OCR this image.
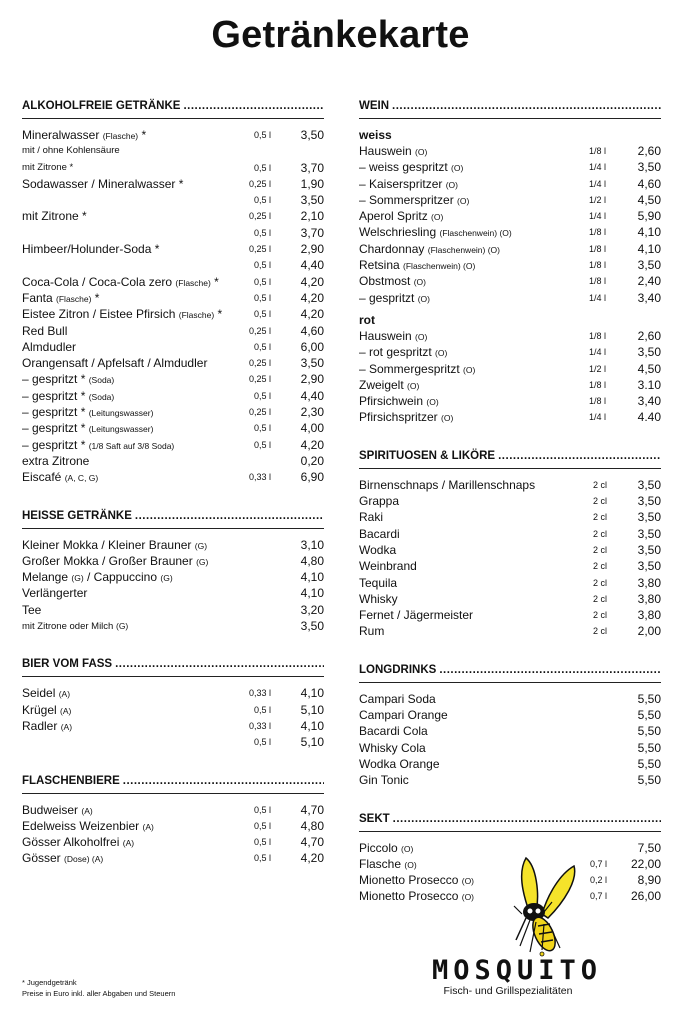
Getränkekarte
ALKOHOLFREIE GETRÄNKE .....
Mineralwasser (Flasche) *	0,5 l 3,50
mit / ohne Kohlensäure
mit Zitrone *	0,5 l 3,70
Sodawasser / Mineralwasser *	0,25 l 1,90
0,5 l 3,50
mit Zitrone *	0,25 l 2,10
0,5 l 3,70
Himbeer/Holunder-Soda *	0,25 l 2,90
0,5 l 4,40
Coca-Cola / Coca-Cola zero (Flasche) *	0,5 l 4,20
Fanta (Flasche) *	0,5 l 4,20
Eistee Zitron / Eistee Pfirsich (Flasche) *	0,5 l 4,20
Red Bull	0,25 l 4,60
Almdudler	0,5 l 6,00
Orangensaft / Apfelsaft / Almdudler	0,25 l 3,50
– gespritzt * (Soda)	0,25 l 2,90
– gespritzt * (Soda)	0,5 l 4,40
– gespritzt * (Leitungswasser)	0,25 l 2,30
– gespritzt * (Leitungswasser)	0,5 l 4,00
– gespritzt * (1/8 Saft auf 3/8 Soda)	0,5 l 4,20
extra Zitrone	0,20
Eiscafé (A, C, G)	0,33 l 6,90
HEISSE GETRÄNKE .....
Kleiner Mokka / Kleiner Brauner (G)	3,10
Großer Mokka / Großer Brauner (G)	4,80
Melange (G) / Cappuccino (G)	4,10
Verlängerter	4,10
Tee	3,20
mit Zitrone oder Milch (G)	3,50
BIER VOM FASS .....
Seidel (A)	0,33 l 4,10
Krügel (A)	0,5 l 5,10
Radler (A)	0,33 l 4,10
0,5 l 5,10
FLASCHENBIERE .....
Budweiser (A)	0,5 l 4,70
Edelweiss Weizenbier (A)	0,5 l 4,80
Gösser Alkoholfrei (A)	0,5 l 4,70
Gösser (Dose) (A)	0,5 l 4,20
WEIN .....
weiss
Hauswein (O)	1/8 l	2,60
– weiss gespritzt (O)	1/4 l	3,50
– Kaiserspritzer (O)	1/4 l	4,60
– Sommerspritzer (O)	1/2 l	4,50
Aperol Spritz (O)	1/4 l	5,90
Welschriesling (Flaschenwein) (O)	1/8 l	4,10
Chardonnay (Flaschenwein) (O)	1/8 l	4,10
Retsina (Flaschenwein) (O)	1/8 l	3,50
Obstmost (O)	1/8 l	2,40
– gespritzt (O)	1/4 l	3,40
rot
Hauswein (O)	1/8 l	2,60
– rot gespritzt (O)	1/4 l	3,50
– Sommergespritzt (O)	1/2 l	4,50
Zweigelt (O)	1/8 l	3.10
Pfirsichwein (O)	1/8 l	3,40
Pfirsichspritzer (O)	1/4 l	4.40
SPIRITUOSEN & LIKÖRE .....
Birnenschnaps / Marillenschnaps	2 cl	3,50
Grappa	2 cl	3,50
Raki	2 cl	3,50
Bacardi	2 cl	3,50
Wodka	2 cl	3,50
Weinbrand	2 cl	3,50
Tequila	2 cl	3,80
Whisky	2 cl	3,80
Fernet / Jägermeister	2 cl	3,80
Rum	2 cl	2,00
LONGDRINKS .....
Campari Soda	5,50
Campari Orange	5,50
Bacardi Cola	5,50
Whisky Cola	5,50
Wodka Orange	5,50
Gin Tonic	5,50
SEKT .....
Piccolo (O)	7,50
Flasche (O)	0,7 l 22,00
Mionetto Prosecco (O)	0,2 l	8,90
Mionetto Prosecco (O)	0,7 l 26,00
* Jugendgetränk
Preise in Euro inkl. aller Abgaben und Steuern
MOSQUITO
Fisch- und Grillspezialitäten
